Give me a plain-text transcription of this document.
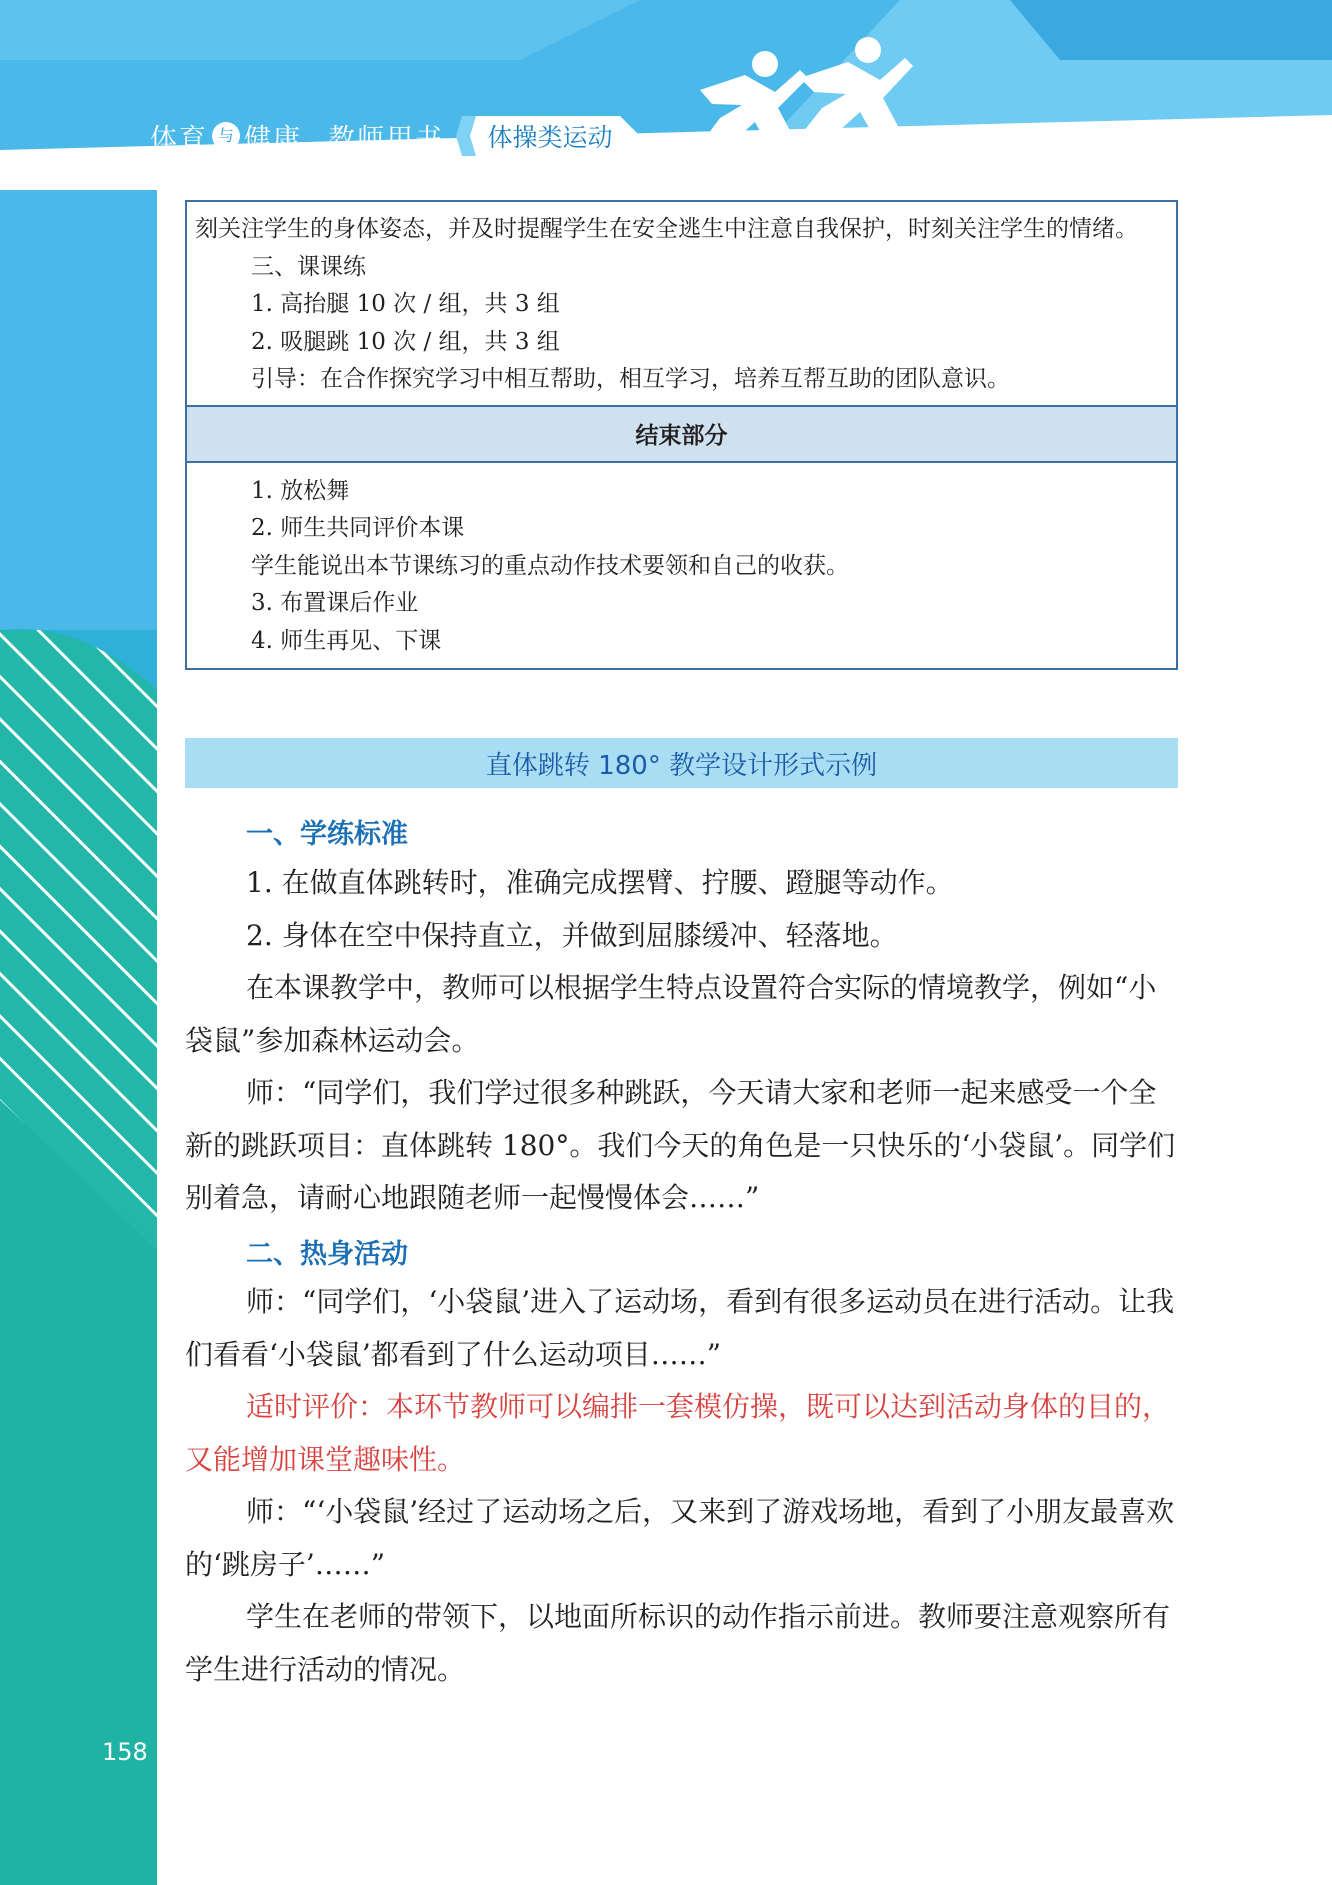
体育 与 健康 教师用书	体操类运动
刻关注学生的身体姿态，并及时提醒学生在安全逃生中注意自我保护，时刻关注学生的情绪。
三、课课练
1. 高抬腿 10 次 / 组，共 3 组
2. 吸腿跳 10 次 / 组，共 3 组
引导：在合作探究学习中相互帮助，相互学习，培养互帮互助的团队意识。
结束部分
1. 放松舞
2. 师生共同评价本课
学生能说出本节课练习的重点动作技术要领和自己的收获。
3. 布置课后作业
4. 师生再见、下课
直体跳转 180° 教学设计形式示例
一、学练标准
1. 在做直体跳转时，准确完成摆臂、拧腰、蹬腿等动作。
2. 身体在空中保持直立，并做到屈膝缓冲、轻落地。
在本课教学中，教师可以根据学生特点设置符合实际的情境教学，例如“小袋鼠”参加森林运动会。
师：“同学们，我们学过很多种跳跃，今天请大家和老师一起来感受一个全新的跳跃项目：直体跳转 180°。我们今天的角色是一只快乐的‘小袋鼠’。同学们别着急，请耐心地跟随老师一起慢慢体会……”
二、热身活动
师：“同学们，‘小袋鼠’进入了运动场，看到有很多运动员在进行活动。让我们看看‘小袋鼠’都看到了什么运动项目……”
适时评价：本环节教师可以编排一套模仿操，既可以达到活动身体的目的，又能增加课堂趣味性。
师：“‘小袋鼠’经过了运动场之后，又来到了游戏场地，看到了小朋友最喜欢的‘跳房子’……”
学生在老师的带领下，以地面所标识的动作指示前进。教师要注意观察所有学生进行活动的情况。
158
